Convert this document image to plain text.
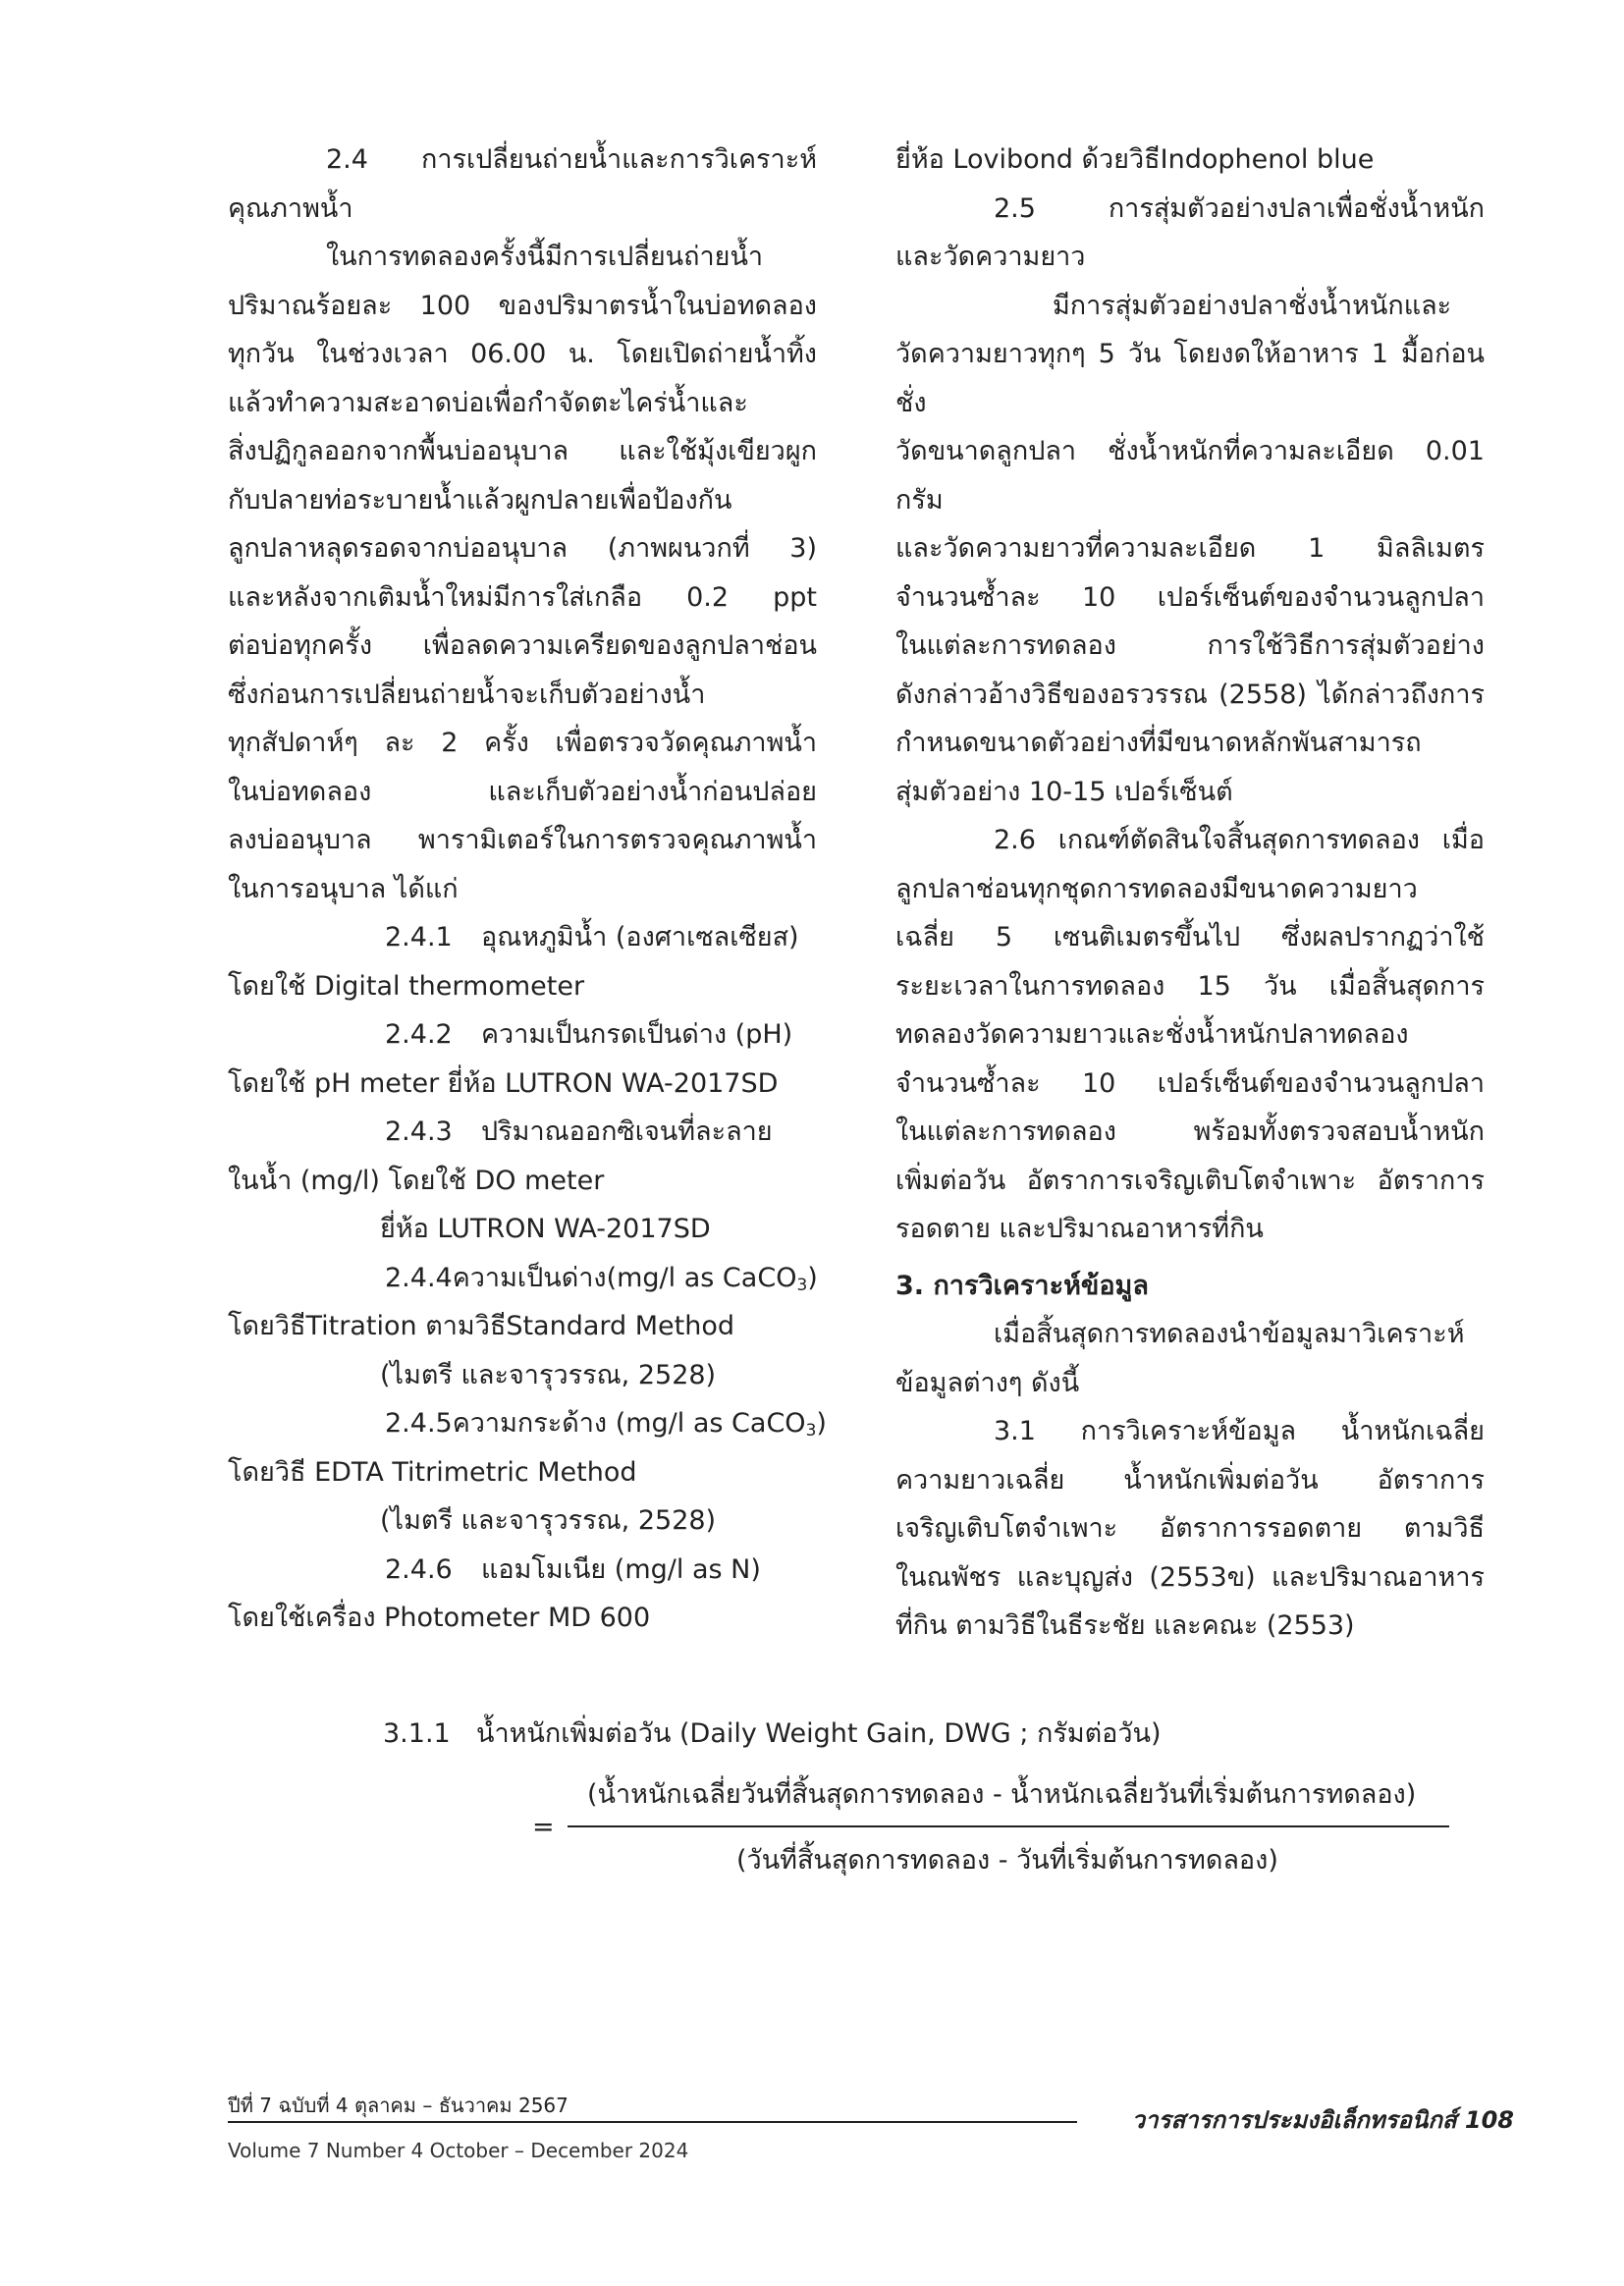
2.4 การเปลี่ยนถ่ายน้ำและการวิเคราะห์

คุณภาพน้ำ

ในการทดลองครั้งนี้มีการเปลี่ยนถ่ายน้ำ

ปริมาณร้อยละ 100 ของปริมาตรน้ำในบ่อทดลอง

ทุกวัน ในช่วงเวลา 06.00 น. โดยเปิดถ่ายน้ำทิ้ง

แล้วทำความสะอาดบ่อเพื่อกำจัดตะไคร่น้ำและ

สิ่งปฏิกูลออกจากพื้นบ่ออนุบาล และใช้มุ้งเขียวผูก

กับปลายท่อระบายน้ำแล้วผูกปลายเพื่อป้องกัน

ลูกปลาหลุดรอดจากบ่ออนุบาล (ภาพผนวกที่ 3)

และหลังจากเติมน้ำใหม่มีการใส่เกลือ 0.2 ppt

ต่อบ่อทุกครั้ง เพื่อลดความเครียดของลูกปลาช่อน

ซึ่งก่อนการเปลี่ยนถ่ายน้ำจะเก็บตัวอย่างน้ำ

ทุกสัปดาห์ๆ ละ 2 ครั้ง เพื่อตรวจวัดคุณภาพน้ำ

ในบ่อทดลอง และเก็บตัวอย่างน้ำก่อนปล่อย

ลงบ่ออนุบาล พารามิเตอร์ในการตรวจคุณภาพน้ำ

ในการอนุบาล ได้แก่

2.4.1	อุณหภูมิน้ำ (องศาเซลเซียส)

โดยใช้ Digital thermometer

2.4.2	ความเป็นกรดเป็นด่าง (pH)

โดยใช้ pH meter ยี่ห้อ LUTRON WA-2017SD

2.4.3	ปริมาณออกซิเจนที่ละลาย

ในน้ำ (mg/l) โดยใช้ DO meter

ยี่ห้อ LUTRON WA-2017SD

2.4.4 ความเป็นด่าง(mg/l as CaCO$_3$)

โดยวิธีTitration ตามวิธีStandard Method

(ไมตรี และจารุวรรณ, 2528)

2.4.5 ความกระด้าง (mg/l as CaCO$_3$)

โดยวิธี EDTA Titrimetric Method

(ไมตรี และจารุวรรณ, 2528)

2.4.6	แอมโมเนีย (mg/l as N)

โดยใช้เครื่อง Photometer MD 600

ยี่ห้อ Lovibond ด้วยวิธีIndophenol blue

2.5 การสุ่มตัวอย่างปลาเพื่อชั่งน้ำหนัก

และวัดความยาว

มีการสุ่มตัวอย่างปลาชั่งน้ำหนักและ

วัดความยาวทุกๆ 5 วัน โดยงดให้อาหาร 1 มื้อก่อนชั่ง

วัดขนาดลูกปลา ชั่งน้ำหนักที่ความละเอียด 0.01 กรัม

และวัดความยาวที่ความละเอียด 1 มิลลิเมตร

จำนวนซ้ำละ 10 เปอร์เซ็นต์ของจำนวนลูกปลา

ในแต่ละการทดลอง การใช้วิธีการสุ่มตัวอย่าง

ดังกล่าวอ้างวิธีของอรวรรณ (2558) ได้กล่าวถึงการ

กำหนดขนาดตัวอย่างที่มีขนาดหลักพันสามารถ

สุ่มตัวอย่าง 10-15 เปอร์เซ็นต์

2.6 เกณฑ์ตัดสินใจสิ้นสุดการทดลอง เมื่อ

ลูกปลาช่อนทุกชุดการทดลองมีขนาดความยาว

เฉลี่ย 5 เซนติเมตรขึ้นไป ซึ่งผลปรากฏว่าใช้

ระยะเวลาในการทดลอง 15 วัน เมื่อสิ้นสุดการ

ทดลองวัดความยาวและชั่งน้ำหนักปลาทดลอง

จำนวนซ้ำละ 10 เปอร์เซ็นต์ของจำนวนลูกปลา

ในแต่ละการทดลอง พร้อมทั้งตรวจสอบน้ำหนัก

เพิ่มต่อวัน อัตราการเจริญเติบโตจำเพาะ อัตราการ

รอดตาย และปริมาณอาหารที่กิน

3. การวิเคราะห์ข้อมูล

เมื่อสิ้นสุดการทดลองนำข้อมูลมาวิเคราะห์

ข้อมูลต่างๆ ดังนี้

3.1 การวิเคราะห์ข้อมูล น้ำหนักเฉลี่ย

ความยาวเฉลี่ย น้ำหนักเพิ่มต่อวัน อัตราการ

เจริญเติบโตจำเพาะ อัตราการรอดตาย ตามวิธี

ในณพัชร และบุญส่ง (2553ข) และปริมาณอาหาร

ที่กิน ตามวิธีในธีระชัย และคณะ (2553)

3.1.1 น้ำหนักเพิ่มต่อวัน (Daily Weight Gain, DWG ; กรัมต่อวัน)
(น้ำหนักเฉลี่ยวันที่สิ้นสุดการทดลอง - น้ำหนักเฉลี่ยวันที่เริ่มต้นการทดลอง)
=
(วันที่สิ้นสุดการทดลอง - วันที่เริ่มต้นการทดลอง)
ปีที่ 7 ฉบับที่ 4 ตุลาคม – ธันวาคม 2567
Volume 7 Number 4 October – December 2024
วารสารการประมงอิเล็กทรอนิกส์ 108
